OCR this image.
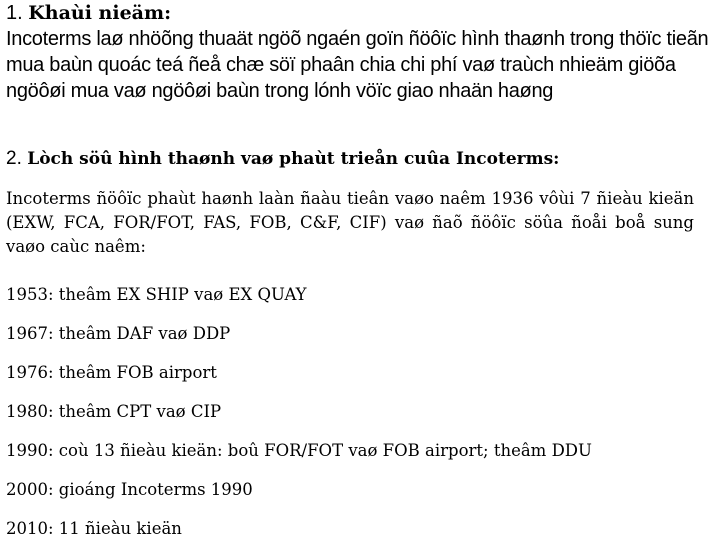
1. Khaùi nieäm:
Incoterms laø nhöõng thuaät ngöõ ngaén goïn ñöôïc hình thaønh trong thöïc tieãn mua baùn quoác teá ñeå chæ söï phaân chia chi phí vaø traùch nhieäm giöõa ngöôøi mua vaø ngöôøi baùn trong lónh vöïc giao nhaän haøng
2. Lòch söû hình thaønh vaø phaùt trieån cuûa Incoterms:
Incoterms ñöôïc phaùt haønh laàn ñaàu tieân vaøo naêm 1936 vôùi 7 ñieàu kieän (EXW, FCA, FOR/FOT, FAS, FOB, C&F, CIF) vaø ñaõ ñöôïc söûa ñoåi boå sung vaøo caùc naêm:
1953: theâm EX SHIP vaø EX QUAY
1967: theâm DAF vaø DDP
1976: theâm FOB airport
1980: theâm CPT vaø CIP
1990: coù 13 ñieàu kieän: boû FOR/FOT vaø FOB airport; theâm DDU
2000: gioáng Incoterms 1990
2010: 11 ñieàu kieän
